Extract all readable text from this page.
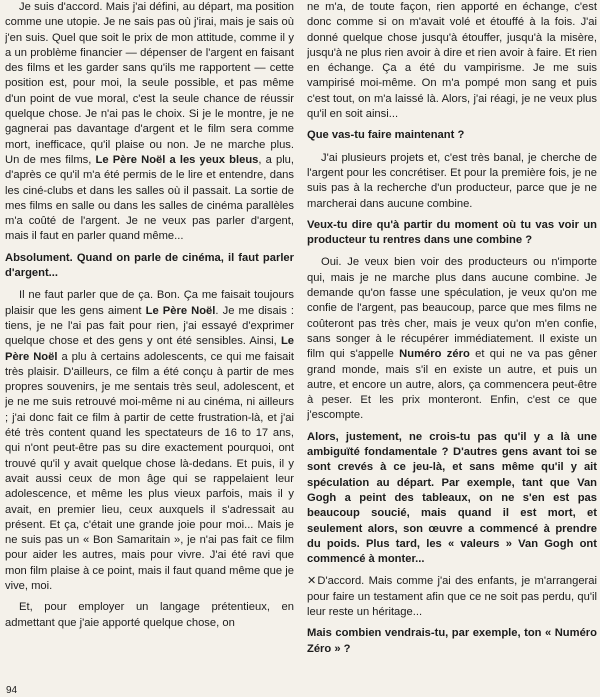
Je suis d'accord. Mais j'ai défini, au départ, ma position comme une utopie. Je ne sais pas où j'irai, mais je sais où j'en suis. Quel que soit le prix de mon attitude, comme il y a un problème financier — dépenser de l'argent en faisant des films et les garder sans qu'ils me rapportent — cette position est, pour moi, la seule possible, et pas même d'un point de vue moral, c'est la seule chance de réussir quelque chose. Je n'ai pas le choix. Si je le montre, je ne gagnerai pas davantage d'argent et le film sera comme mort, inefficace, qu'il plaise ou non. Je ne marche plus. Un de mes films, Le Père Noël a les yeux bleus, a plu, d'après ce qu'il m'a été permis de le lire et entendre, dans les ciné-clubs et dans les salles où il passait. La sortie de mes films en salle ou dans les salles de cinéma parallèles m'a coûté de l'argent. Je ne veux pas parler d'argent, mais il faut en parler quand même...

Absolument. Quand on parle de cinéma, il faut parler d'argent...

Il ne faut parler que de ça. Bon. Ça me faisait toujours plaisir que les gens aiment Le Père Noël. Je me disais : tiens, je ne l'ai pas fait pour rien, j'ai essayé d'exprimer quelque chose et des gens y ont été sensibles. Ainsi, Le Père Noël a plu à certains adolescents, ce qui me faisait très plaisir. D'ailleurs, ce film a été conçu à partir de mes propres souvenirs, je me sentais très seul, adolescent, et je ne me suis retrouvé moi-même ni au cinéma, ni ailleurs ; j'ai donc fait ce film à partir de cette frustration-là, et j'ai été très content quand les spectateurs de 16 to 17 ans, qui n'ont peut-être pas su dire exactement pourquoi, ont trouvé qu'il y avait quelque chose là-dedans. Et puis, il y avait aussi ceux de mon âge qui se rappelaient leur adolescence, et même les plus vieux parfois, mais il y avait, en premier lieu, ceux auxquels il s'adressait au présent. Et ça, c'était une grande joie pour moi... Mais je ne suis pas un « Bon Samaritain », je n'ai pas fait ce film pour aider les autres, mais pour vivre. J'ai été ravi que mon film plaise à ce point, mais il faut quand même que je vive, moi.

Et, pour employer un langage prétentieux, en admettant que j'aie apporté quelque chose, on

ne m'a, de toute façon, rien apporté en échange, c'est donc comme si on m'avait volé et étouffé à la fois. J'ai donné quelque chose jusqu'à étouffer, jusqu'à la misère, jusqu'à ne plus rien avoir à dire et rien avoir à faire. Et rien en échange. Ça a été du vampirisme. Je me suis vampirisé moi-même. On m'a pompé mon sang et puis c'est tout, on m'a laissé là. Alors, j'ai réagi, je ne veux plus qu'il en soit ainsi...

Que vas-tu faire maintenant ?

J'ai plusieurs projets et, c'est très banal, je cherche de l'argent pour les concrétiser. Et pour la première fois, je ne suis pas à la recherche d'un producteur, parce que je ne marcherai dans aucune combine.

Veux-tu dire qu'à partir du moment où tu vas voir un producteur tu rentres dans une combine ?

Oui. Je veux bien voir des producteurs ou n'importe qui, mais je ne marche plus dans aucune combine. Je demande qu'on fasse une spéculation, je veux qu'on me confie de l'argent, pas beaucoup, parce que mes films ne coûteront pas très cher, mais je veux qu'on m'en confie, sans songer à le récupérer immédiatement. Il existe un film qui s'appelle Numéro zéro et qui ne va pas gêner grand monde, mais s'il en existe un autre, et puis un autre, et encore un autre, alors, ça commencera peut-être à peser. Et les prix monteront. Enfin, c'est ce que j'escompte.

Alors, justement, ne crois-tu pas qu'il y a là une ambiguïté fondamentale ? D'autres gens avant toi se sont crevés à ce jeu-là, et sans même qu'il y ait spéculation au départ. Par exemple, tant que Van Gogh a peint des tableaux, on ne s'en est pas beaucoup soucié, mais quand il est mort, et seulement alors, son œuvre a commencé à prendre du poids. Plus tard, les « valeurs » Van Gogh ont commencé à monter...

✕D'accord. Mais comme j'ai des enfants, je m'arrangerai pour faire un testament afin que ce ne soit pas perdu, qu'il leur reste un héritage...

Mais combien vendrais-tu, par exemple, ton « Numéro Zéro » ?

94
